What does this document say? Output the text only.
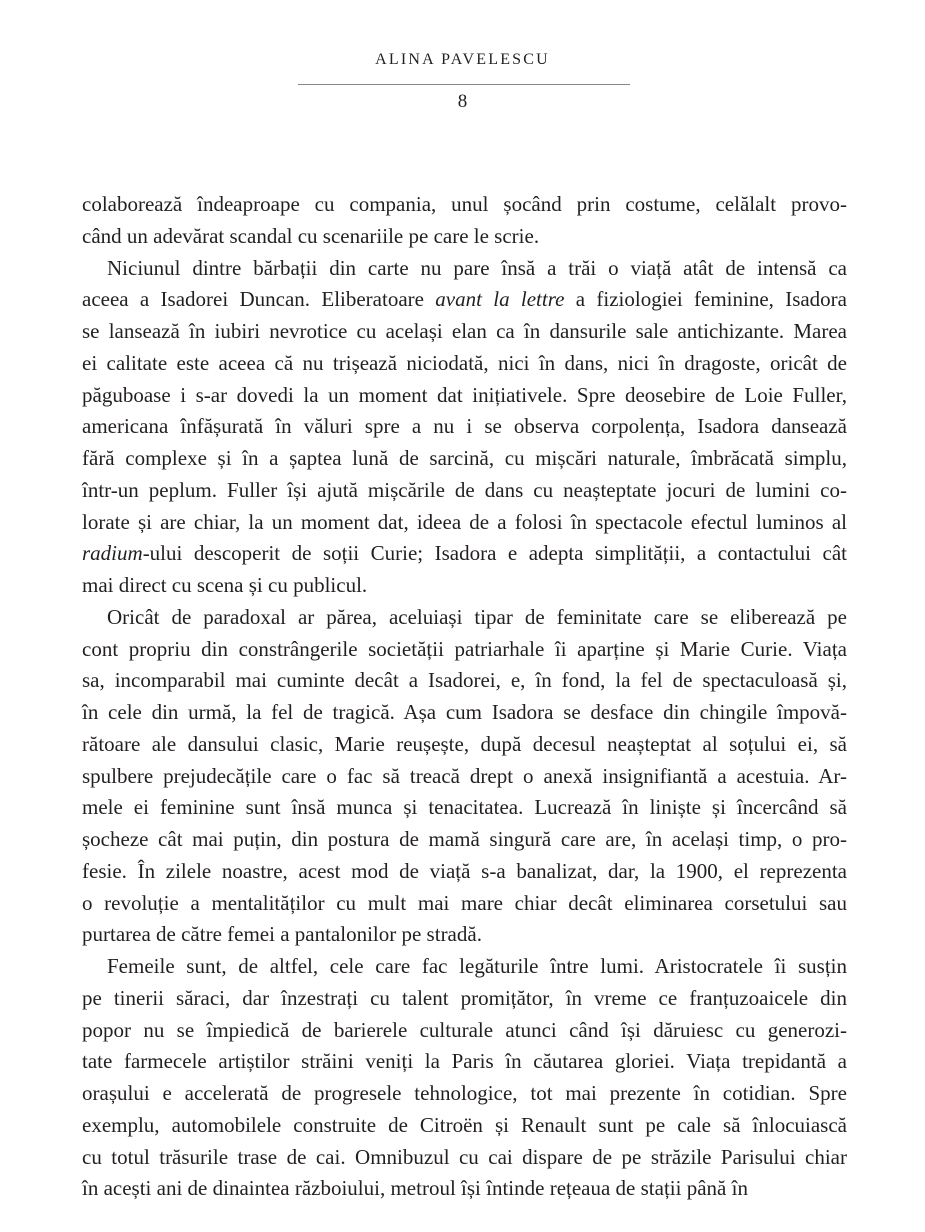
ALINA PAVELESCU
8
colaborează îndeaproape cu compania, unul șocând prin costume, celălalt provo-
când un adevărat scandal cu scenariile pe care le scrie.
Niciunul dintre bărbații din carte nu pare însă a trăi o viață atât de intensă ca
aceea a Isadorei Duncan. Eliberatoare avant la lettre a fiziologiei feminine, Isadora
se lansează în iubiri nevrotice cu același elan ca în dansurile sale antichizante. Marea
ei calitate este aceea că nu trișează niciodată, nici în dans, nici în dragoste, oricât de
păguboase i s-ar dovedi la un moment dat inițiativele. Spre deosebire de Loie Fuller,
americana înfășurată în văluri spre a nu i se observa corpolența, Isadora dansează
fără complexe și în a șaptea lună de sarcină, cu mișcări naturale, îmbrăcată simplu,
într-un peplum. Fuller își ajută mișcările de dans cu neașteptate jocuri de lumini co-
lorate și are chiar, la un moment dat, ideea de a folosi în spectacole efectul luminos al
radium-ului descoperit de soții Curie; Isadora e adepta simplității, a contactului cât
mai direct cu scena și cu publicul.
Oricât de paradoxal ar părea, aceluiași tipar de feminitate care se eliberează pe
cont propriu din constrângerile societății patriarhale îi aparține și Marie Curie. Viața
sa, incomparabil mai cuminte decât a Isadorei, e, în fond, la fel de spectaculoasă și,
în cele din urmă, la fel de tragică. Așa cum Isadora se desface din chingile împovă-
rătoare ale dansului clasic, Marie reușește, după decesul neașteptat al soțului ei, să
spulbere prejudecățile care o fac să treacă drept o anexă insignifiantă a acestuia. Ar-
mele ei feminine sunt însă munca și tenacitatea. Lucrează în liniște și încercând să
șocheze cât mai puțin, din postura de mamă singură care are, în același timp, o pro-
fesie. În zilele noastre, acest mod de viață s-a banalizat, dar, la 1900, el reprezenta
o revoluție a mentalităților cu mult mai mare chiar decât eliminarea corsetului sau
purtarea de către femei a pantalonilor pe stradă.
Femeile sunt, de altfel, cele care fac legăturile între lumi. Aristocratele îi susțin
pe tinerii săraci, dar înzestrați cu talent promițător, în vreme ce franțuzoaicele din
popor nu se împiedică de barierele culturale atunci când își dăruiesc cu generozi-
tate farmecele artiștilor străini veniți la Paris în căutarea gloriei. Viața trepidantă a
orașului e accelerată de progresele tehnologice, tot mai prezente în cotidian. Spre
exemplu, automobilele construite de Citroën și Renault sunt pe cale să înlocuiască
cu totul trăsurile trase de cai. Omnibuzul cu cai dispare de pe străzile Parisului chiar
în acești ani de dinaintea războiului, metroul își întinde rețeaua de stații până în
